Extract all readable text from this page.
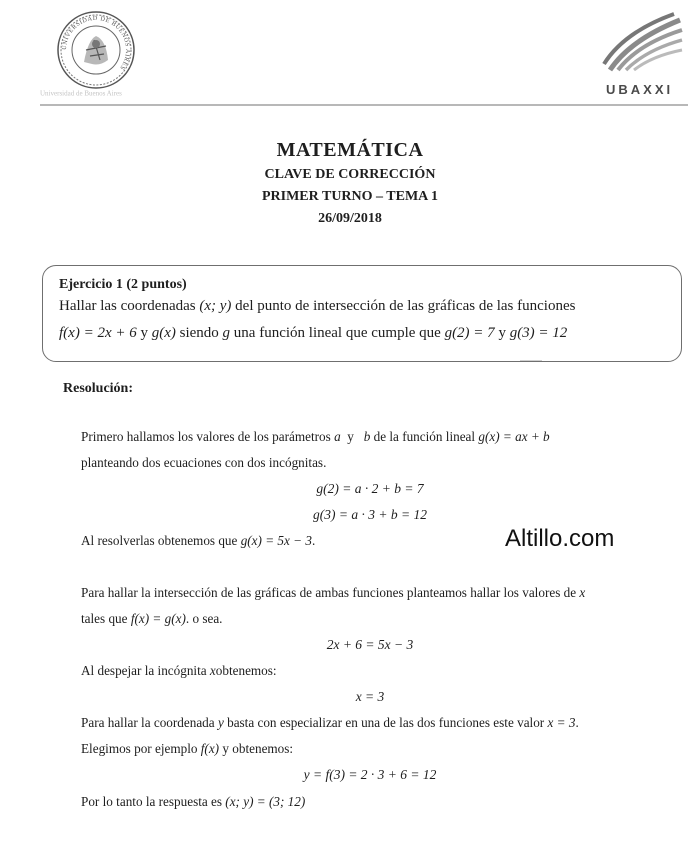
UNIVERSIDAD DE BUENOS AIRES
Universidad de Buenos Aires	UBAXXI
MATEMÁTICA
CLAVE DE CORRECCIÓN
PRIMER TURNO – TEMA 1
26/09/2018
Ejercicio 1 (2 puntos)
Hallar las coordenadas (x; y) del punto de intersección de las gráficas de las funciones
f(x) = 2x + 6 y g(x) siendo g una función lineal que cumple que g(2) = 7 y g(3) = 12
Resolución:
Primero hallamos los valores de los parámetros a  y   b de la función lineal g(x) = ax + b
planteando dos ecuaciones con dos incógnitas.
g(2) = a · 2 + b = 7
g(3) = a · 3 + b = 12
Al resolverlas obtenemos que g(x) = 5x − 3.
Para hallar la intersección de las gráficas de ambas funciones planteamos hallar los valores de x
tales que f(x) = g(x). o sea.
2x + 6 = 5x − 3
Al despejar la incógnita xobtenemos:
x = 3
Para hallar la coordenada y basta con especializar en una de las dos funciones este valor x = 3.
Elegimos por ejemplo f(x) y obtenemos:
y = f(3) = 2 · 3 + 6 = 12
Por lo tanto la respuesta es (x; y) = (3; 12)
Altillo.com
